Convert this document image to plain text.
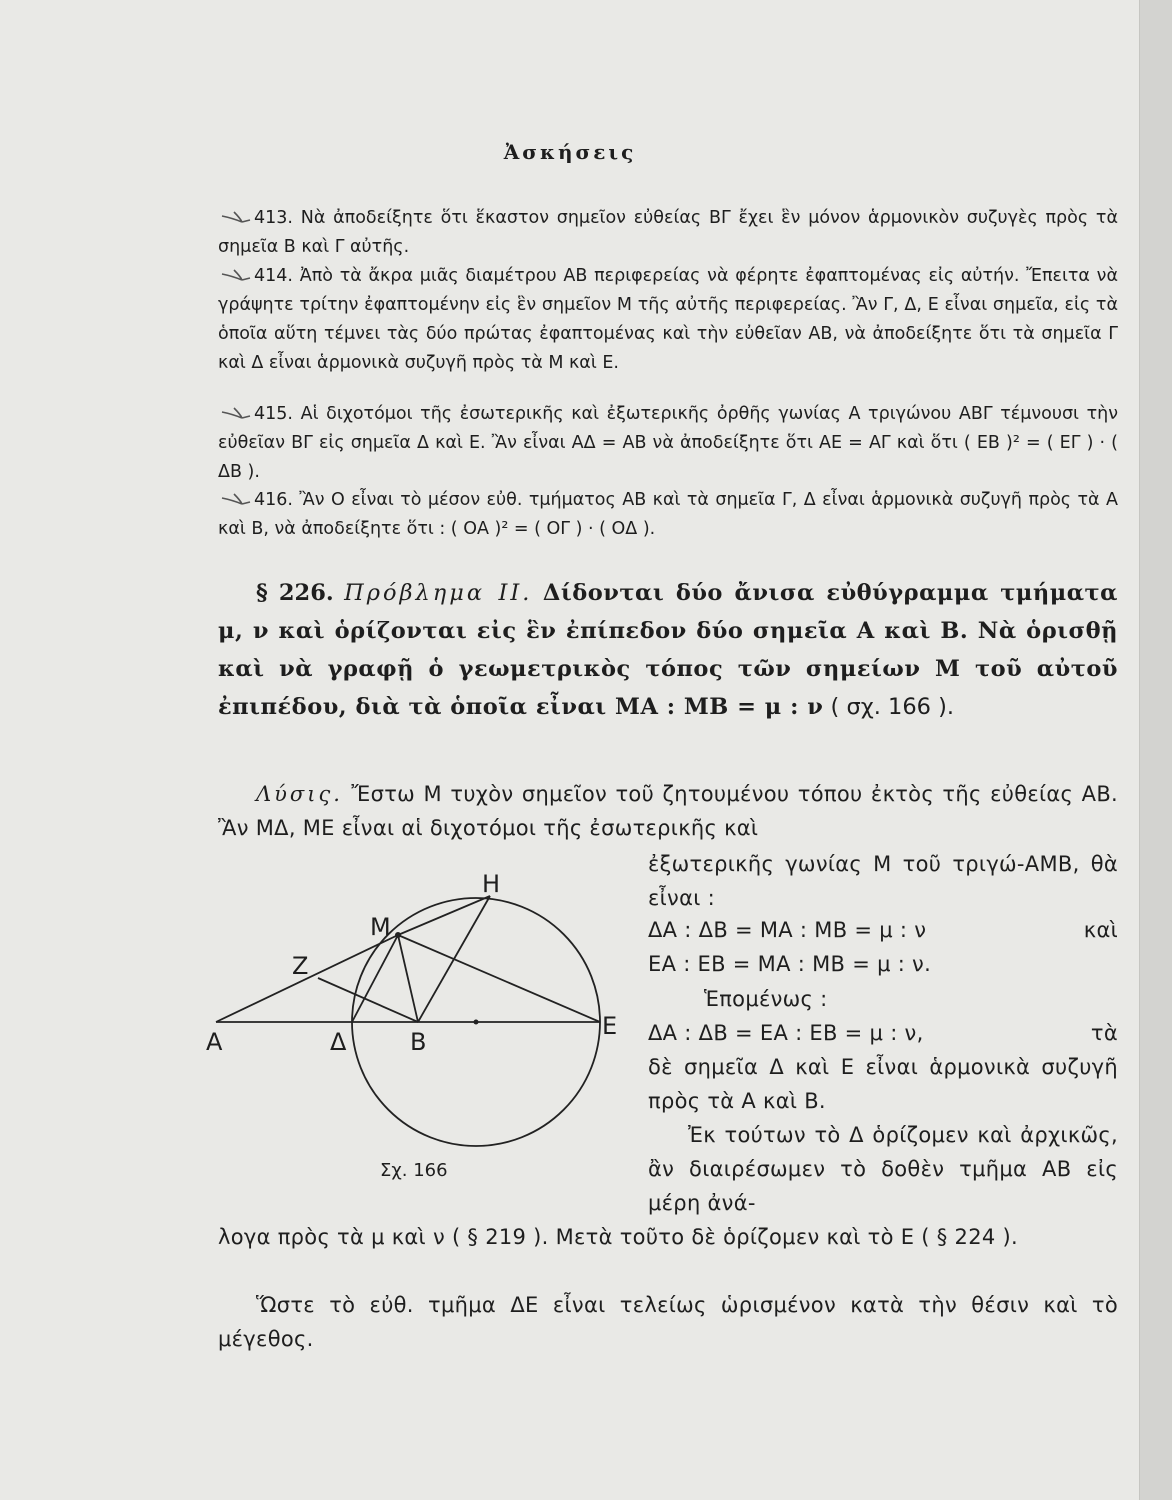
Ἀσκήσεις

413. Νὰ ἀποδείξητε ὅτι ἕκαστον σημεῖον εὐθείας ΒΓ ἔχει ἓν μόνον ἁρμονικὸν συζυγὲς πρὸς τὰ σημεῖα Β καὶ Γ αὐτῆς.

414. Ἀπὸ τὰ ἄκρα μιᾶς διαμέτρου ΑΒ περιφερείας νὰ φέρητε ἐφαπτομένας εἰς αὐτήν. Ἔπειτα νὰ γράψητε τρίτην ἐφαπτομένην εἰς ἓν σημεῖον Μ τῆς αὐτῆς περιφερείας. Ἂν Γ, Δ, Ε εἶναι σημεῖα, εἰς τὰ ὁποῖα αὕτη τέμνει τὰς δύο πρώτας ἐφαπτομένας καὶ τὴν εὐθεῖαν ΑΒ, νὰ ἀποδείξητε ὅτι τὰ σημεῖα Γ καὶ Δ εἶναι ἁρμονικὰ συζυγῆ πρὸς τὰ Μ καὶ Ε.

415. Αἱ διχοτόμοι τῆς ἐσωτερικῆς καὶ ἐξωτερικῆς ὀρθῆς γωνίας Α τριγώνου ΑΒΓ τέμνουσι τὴν εὐθεῖαν ΒΓ εἰς σημεῖα Δ καὶ Ε. Ἂν εἶναι ΑΔ = ΑΒ νὰ ἀποδείξητε ὅτι ΑΕ = ΑΓ καὶ ὅτι ( ΕΒ )² = ( ΕΓ ) · ( ΔΒ ).

416. Ἂν Ο εἶναι τὸ μέσον εὐθ. τμήματος ΑΒ καὶ τὰ σημεῖα Γ, Δ εἶναι ἁρμονικὰ συζυγῆ πρὸς τὰ Α καὶ Β, νὰ ἀποδείξητε ὅτι : ( ΟΑ )² = ( ΟΓ ) · ( ΟΔ ).

§ 226. Πρόβλημα ΙΙ. Δίδονται δύο ἄνισα εὐθύγραμμα τμήματα μ, ν καὶ ὁρίζονται εἰς ἓν ἐπίπεδον δύο σημεῖα Α καὶ Β. Νὰ ὁρισθῇ καὶ νὰ γραφῇ ὁ γεωμετρικὸς τόπος τῶν σημείων Μ τοῦ αὐτοῦ ἐπιπέδου, διὰ τὰ ὁποῖα εἶναι ΜΑ : ΜΒ = μ : ν ( σχ. 166 ).

Λύσις. Ἔστω Μ τυχὸν σημεῖον τοῦ ζητουμένου τόπου ἐκτὸς τῆς εὐθείας ΑΒ. Ἂν ΜΔ, ΜΕ εἶναι αἱ διχοτόμοι τῆς ἐσωτερικῆς καὶ

ἐξωτερικῆς γωνίας Μ τοῦ τριγώ-ΑΜΒ, θὰ εἶναι :

ΔΑ : ΔΒ = ΜΑ : ΜΒ = μ : ν	καὶ
ΕΑ : ΕΒ = ΜΑ : ΜΒ = μ : ν.
Ἑπομένως :
ΔΑ : ΔΒ = ΕΑ : ΕΒ = μ : ν,	τὰ

δὲ σημεῖα Δ καὶ Ε εἶναι ἁρμονικὰ συζυγῆ πρὸς τὰ Α καὶ Β.

Ἐκ τούτων τὸ Δ ὁρίζομεν καὶ ἀρχικῶς, ἂν διαιρέσωμεν τὸ δοθὲν τμῆμα ΑΒ εἰς μέρη ἀνά-

λογα πρὸς τὰ μ καὶ ν ( § 219 ). Μετὰ τοῦτο δὲ ὁρίζομεν καὶ τὸ Ε ( § 224 ).

Ὥστε τὸ εὐθ. τμῆμα ΔΕ εἶναι τελείως ὡρισμένον κατὰ τὴν θέσιν καὶ τὸ μέγεθος.

Α
Ζ
Μ
Η
Δ	Β
Ε
Σχ. 166
